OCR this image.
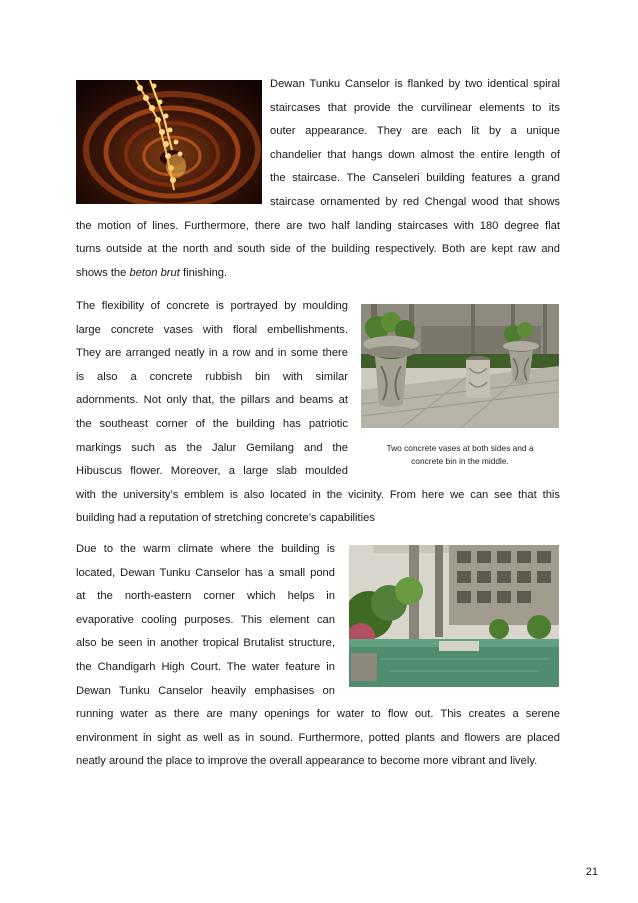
Dewan Tunku Canselor is flanked by two identical spiral
staircases that provide the curvilinear elements to its
outer appearance. They are each lit by a unique
chandelier that hangs down almost the entire length of
the staircase. The Canseleri building features a grand
staircase ornamented by red Chengal wood that shows
the motion of lines. Furthermore, there are two half landing staircases with 180 degree flat
turns outside at the north and south side of the building respectively. Both are kept raw and
shows the beton brut finishing.
Two concrete vases at both sides and a
concrete bin in the middle.
The flexibility of concrete is portrayed by moulding
large concrete vases with floral embellishments.
They are arranged neatly in a row and in some there
is also a concrete rubbish bin with similar
adornments. Not only that, the pillars and beams at
the southeast corner of the building has patriotic
markings such as the Jalur Gemilang and the
Hibuscus flower. Moreover, a large slab moulded
with the university’s emblem is also located in the vicinity. From here we can see that this
building had a reputation of stretching concrete’s capabilities
Due to the warm climate where the building is
located, Dewan Tunku Canselor has a small pond
at the north-eastern corner which helps in
evaporative cooling purposes. This element can
also be seen in another tropical Brutalist structure,
the Chandigarh High Court. The water feature in
Dewan Tunku Canselor heavily emphasises on
running water as there are many openings for water to flow out. This creates a serene
environment in sight as well as in sound. Furthermore, potted plants and flowers are placed
neatly around the place to improve the overall appearance to become more vibrant and lively.
21
